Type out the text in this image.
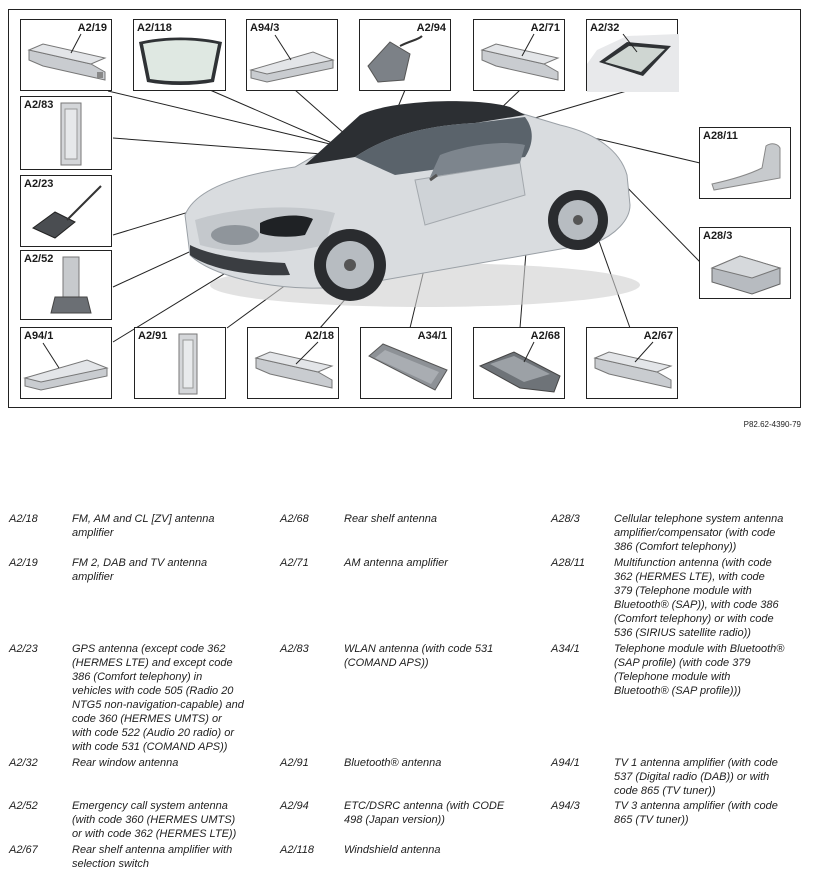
A2/19	A2/118	A94/3	A2/94	A2/71	A2/32
A2/83
A2/23
A2/52
A94/1	A2/91	A2/18	A34/1	A2/68	A2/67
A28/11
A28/3
P82.62-4390-79
A2/18	FM, AM and CL [ZV] antenna
amplifier
A2/19	FM 2, DAB and TV antenna
amplifier
A2/23	GPS antenna (except code 362
(HERMES LTE) and except code
386 (Comfort telephony) in
vehicles with code 505 (Radio 20
NTG5 non-navigation-capable) and
code 360 (HERMES UMTS) or
with code 522 (Audio 20 radio) or
with code 531 (COMAND APS))
A2/32	Rear window antenna
A2/52	Emergency call system antenna
(with code 360 (HERMES UMTS)
or with code 362 (HERMES LTE))
A2/67	Rear shelf antenna amplifier with
selection switch
A2/68	Rear shelf antenna
A2/71	AM antenna amplifier
A2/83	WLAN antenna (with code 531
(COMAND APS))
A2/91	Bluetooth® antenna
A2/94	ETC/DSRC antenna (with CODE
498 (Japan version))
A2/118	Windshield antenna
A28/3	Cellular telephone system antenna
amplifier/compensator (with code
386 (Comfort telephony))
A28/11	Multifunction antenna (with code
362 (HERMES LTE), with code
379 (Telephone module with
Bluetooth® (SAP)), with code 386
(Comfort telephony) or with code
536 (SIRIUS satellite radio))
A34/1	Telephone module with Bluetooth®
(SAP profile) (with code 379
(Telephone module with
Bluetooth® (SAP profile)))
A94/1	TV 1 antenna amplifier (with code
537 (Digital radio (DAB)) or with
code 865 (TV tuner))
A94/3	TV 3 antenna amplifier (with code
865 (TV tuner))
